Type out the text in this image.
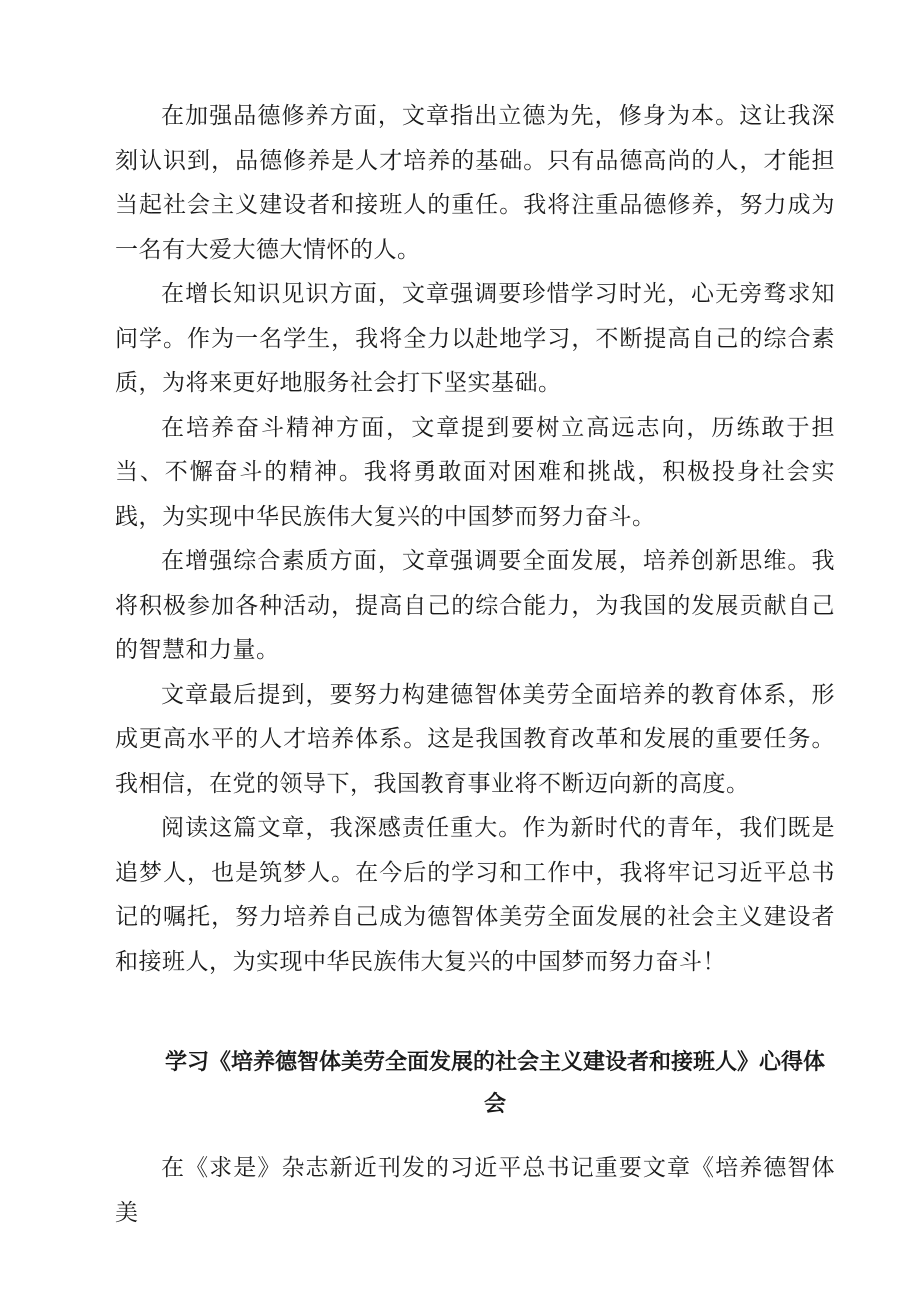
在加强品德修养方面，文章指出立德为先，修身为本。这让我深刻认识到，品德修养是人才培养的基础。只有品德高尚的人，才能担当起社会主义建设者和接班人的重任。我将注重品德修养，努力成为一名有大爱大德大情怀的人。

在增长知识见识方面，文章强调要珍惜学习时光，心无旁骛求知问学。作为一名学生，我将全力以赴地学习，不断提高自己的综合素质，为将来更好地服务社会打下坚实基础。

在培养奋斗精神方面，文章提到要树立高远志向，历练敢于担当、不懈奋斗的精神。我将勇敢面对困难和挑战，积极投身社会实践，为实现中华民族伟大复兴的中国梦而努力奋斗。

在增强综合素质方面，文章强调要全面发展，培养创新思维。我将积极参加各种活动，提高自己的综合能力，为我国的发展贡献自己的智慧和力量。

文章最后提到，要努力构建德智体美劳全面培养的教育体系，形成更高水平的人才培养体系。这是我国教育改革和发展的重要任务。我相信，在党的领导下，我国教育事业将不断迈向新的高度。

阅读这篇文章，我深感责任重大。作为新时代的青年，我们既是追梦人，也是筑梦人。在今后的学习和工作中，我将牢记习近平总书记的嘱托，努力培养自己成为德智体美劳全面发展的社会主义建设者和接班人，为实现中华民族伟大复兴的中国梦而努力奋斗！

学习《培养德智体美劳全面发展的社会主义建设者和接班人》心得体会

在《求是》杂志新近刊发的习近平总书记重要文章《培养德智体美
